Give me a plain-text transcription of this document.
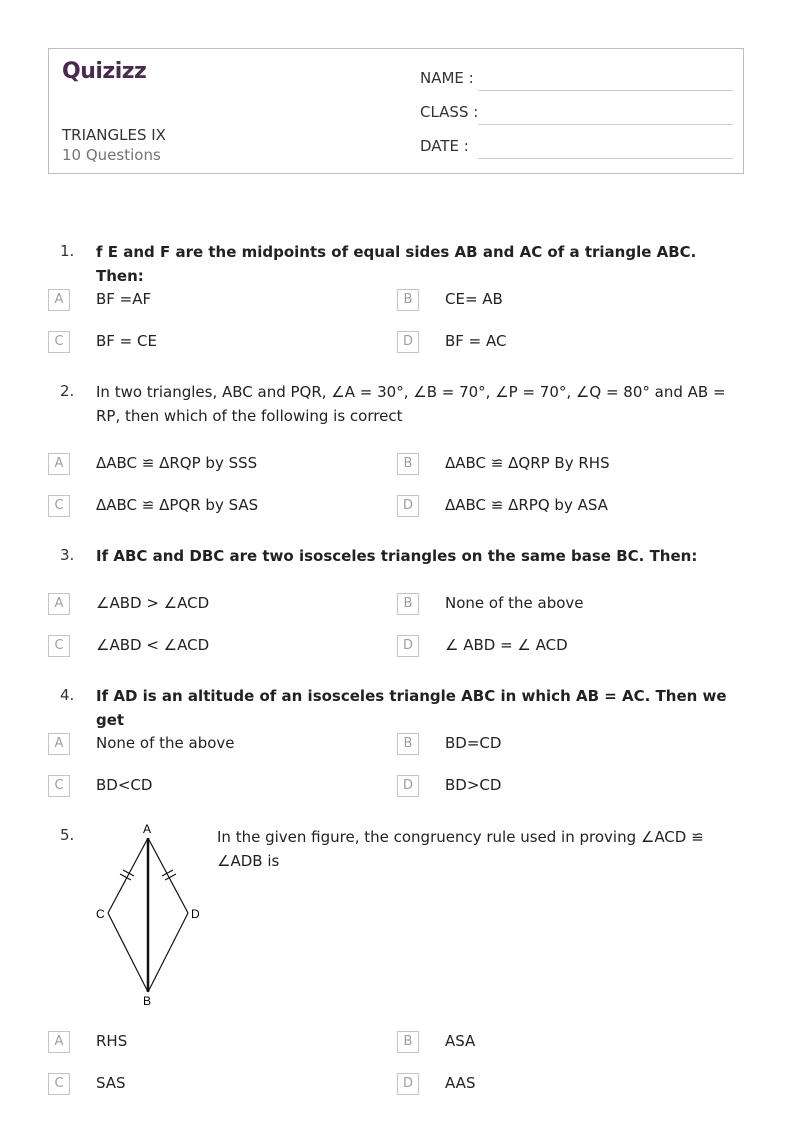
Quizizz
TRIANGLES IX
10 Questions
NAME :
CLASS :
DATE :
1. f E and F are the midpoints of equal sides AB and AC of a triangle ABC. Then:
A	BF =AF	B	CE= AB
C	BF = CE	D	BF = AC
2. In two triangles, ABC and PQR, ∠A = 30°, ∠B = 70°, ∠P = 70°, ∠Q = 80° and AB = RP, then which of the following is correct
A	ΔABC ≌ ΔRQP by SSS	B	ΔABC ≌ ΔQRP By RHS
C	ΔABC ≌ ΔPQR by SAS	D	ΔABC ≌ ΔRPQ by ASA
3. If ABC and DBC are two isosceles triangles on the same base BC. Then:
A	∠ABD > ∠ACD	B	None of the above
C	∠ABD < ∠ACD	D	∠ ABD = ∠ ACD
4. If AD is an altitude of an isosceles triangle ABC in which AB = AC. Then we get
A	None of the above	B	BD=CD
C	BD<CD	D	BD>CD
5.	A
B
C	D
In the given figure, the congruency rule used in proving ∠ACD ≌ ∠ADB is
A	RHS	B	ASA
C	SAS	D	AAS
